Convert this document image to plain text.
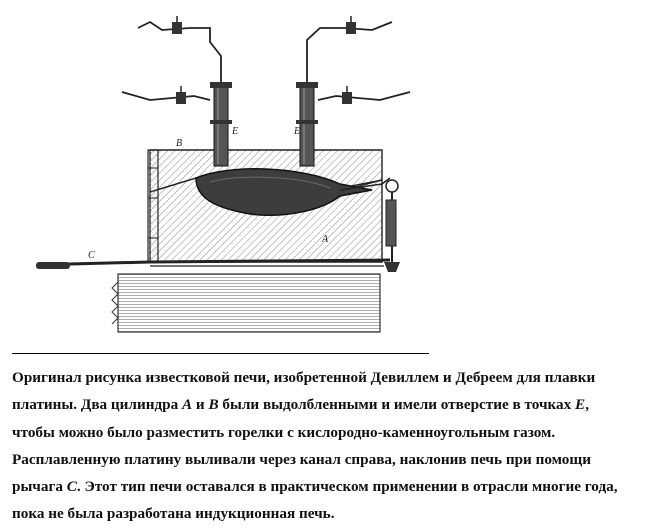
B
A
E	E
C
Оригинал рисунка известковой печи, изобретенной Девиллем и Дебреем для плавки
платины. Два цилиндра А и В были выдолбленными и имели отверстие в точках Е,
чтобы можно было разместить горелки с кислородно-каменноугольным газом.
Расплавленную платину выливали через канал справа, наклонив печь при помощи
рычага С. Этот тип печи оставался в практическом применении в отрасли многие года,
пока не была разработана индукционная печь.
